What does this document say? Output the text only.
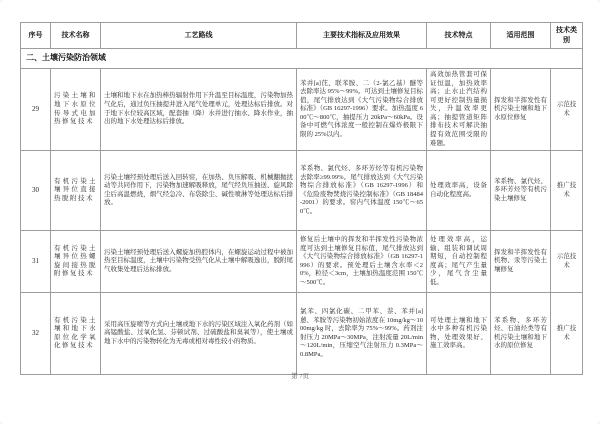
序号	技术名称	工艺路线	主要技术指标及应用效果	技术特点	适用范围	技术类别
二、土壤污染防治领域						
29	污染土壤和地下水原位传导式电加热修复技术	土壤和地下水在加热棒热辐射作用下升温至目标温度，污染物加热气化后，通过负压抽提井进入尾气处理单元，处理达标后排放。对于地下水位较高区域，配套抽（降）水井进行抽水、降水作业，抽出的地下水处理达标后排放。	苯并[a]芘、联苯胺、二（2-氯乙基）醚等去除率达 95%～99%。可达到土壤修复目标值，尾气排放达到《大气污染物综合排放标准》（GB 16297-1996）要求。加热温度 600℃～800℃，抽提压力 20kPa～60kPa。设备中可燃气体浓度一般控制在爆炸极限下限的 25%以内。	高效加热管套可保证恒温，加热效率高；止水止汽结构可更好控制热量损失，升温效率更高；抽提管道矩阵排布技术可解决抽提有效范围受限的难题。	挥发和半挥发性有机污染土壤和地下水原位修复	示范技术
30	有机污染土壤异位直接热脱附技术	污染土壤经预处理后送入回转窑，在加热、负压解吸、机械翻抛扰动等共同作用下，污染物加速解吸释放，尾气经负压抽送、旋风除尘后高温燃烧，烟气经急冷、布袋除尘、碱性喷淋等处理达标后排放。	苯系物、氯代烃、多环芳烃等有机污染物去除率≥99.99%。尾气排放达到《大气污染物综合排放标准》（GB 16297-1996）和《危险废物焚烧污染控制标准》（GB 18484-2001）的要求。窑内气体温度 150℃～650℃。	处理效率高，设备自动化程度高。	苯系物、氯代烃、多环芳烃等有机污染土壤修复	推广技术
31	有机污染土壤异位热螺旋间接热脱附修复技术	污染土壤经预处理后送入螺旋加热腔体内，在螺旋运动过程中被加热至目标温度，土壤中污染物受热气化从土壤中解吸逸出，脱附尾气收集处理后达标排放。	修复后土壤中的挥发和半挥发性污染物浓度可达到土壤修复目标值，尾气排放达到《大气污染物综合排放标准》（GB 16297-1996）的要求。预处理后土壤含水率＜20%，粒径＜3cm，土壤加热温度范围 150℃～500℃。	处理效率高，运输、组装和调试周期短，自动控制程度高；尾气产生量少，尾气含尘量低。	挥发和半挥发性有机物、汞等污染土壤修复	示范技术
32	有机污染土壤和地下水原位化学氧化修复技术	采用高压旋喷等方式向土壤或地下水的污染区域注入氧化药剂（如高锰酸盐、过氧化氢、芬顿试剂、过硫酸盐和臭氧等），使土壤或地下水中的污染物转化为无毒或相对毒性较小的物质。	氯苯、四氯化碳、二甲苯、萘、苯并[a]蒽、苯胺等污染物初始浓度在 10mg/kg～1000mg/kg 时，去除率为 75%～99%。药剂注射压力 20MPa～30MPa，注射流量 20L/min～120L/min，压缩空气注射压力 0.3MPa～0.8MPa。	可处理土壤和地下水中多种有机污染物，处理效果好、施工效率高。	苯系物、多环芳烃、石油烃类等有机污染土壤和地下水的原位修复	推广技术
第 7页
